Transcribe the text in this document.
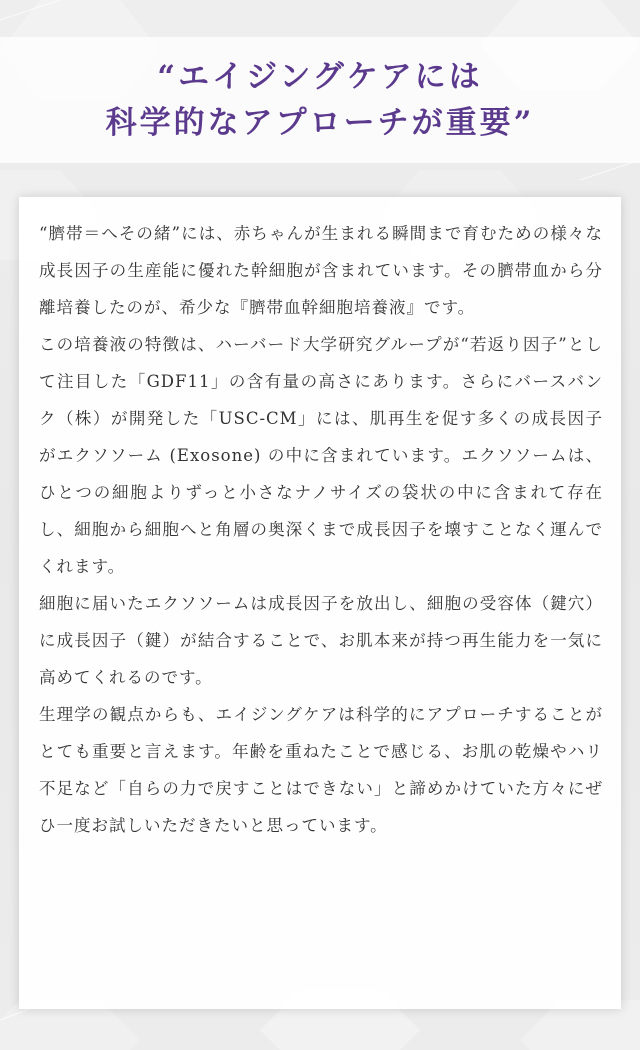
“エイジングケアには
科学的なアプローチが重要”

“臍帯＝へその緒”には、赤ちゃんが生まれる瞬間まで育むための様々な成長因子の生産能に優れた幹細胞が含まれています。その臍帯血から分離培養したのが、希少な『臍帯血幹細胞培養液』です。

この培養液の特徴は、ハーバード大学研究グループが“若返り因子”として注目した「GDF11」の含有量の高さにあります。さらにバースバンク（株）が開発した「USC-CM」には、肌再生を促す多くの成長因子がエクソソーム (Exosone) の中に含まれています。エクソソームは、ひとつの細胞よりずっと小さなナノサイズの袋状の中に含まれて存在し、細胞から細胞へと角層の奥深くまで成長因子を壊すことなく運んでくれます。

細胞に届いたエクソソームは成長因子を放出し、細胞の受容体（鍵穴）に成長因子（鍵）が結合することで、お肌本来が持つ再生能力を一気に高めてくれるのです。

生理学の観点からも、エイジングケアは科学的にアプローチすることがとても重要と言えます。年齢を重ねたことで感じる、お肌の乾燥やハリ不足など「自らの力で戻すことはできない」と諦めかけていた方々にぜひ一度お試しいただきたいと思っています。
